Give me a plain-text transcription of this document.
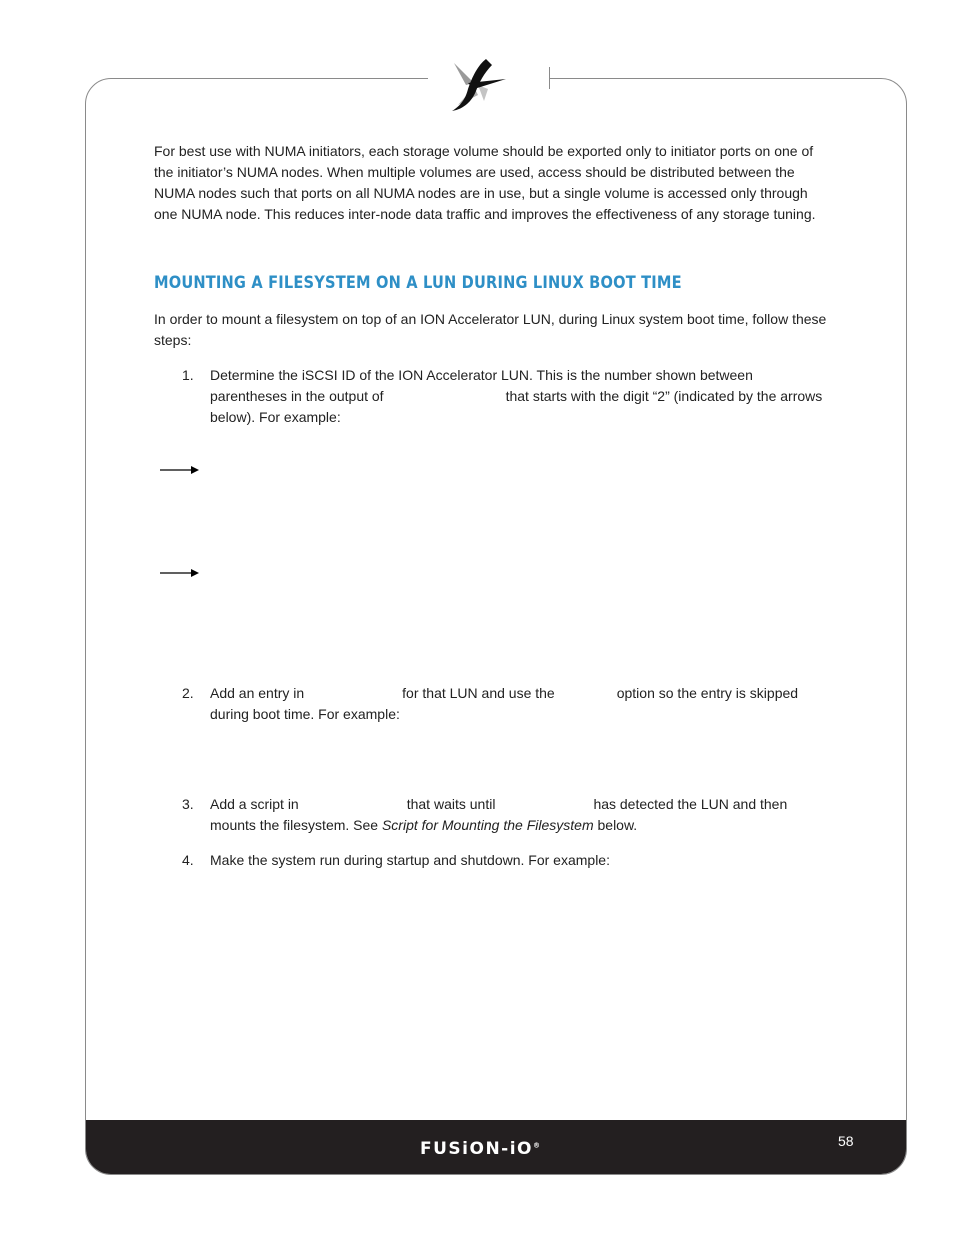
For best use with NUMA initiators, each storage volume should be exported only to initiator ports on one of the initiator’s NUMA nodes. When multiple volumes are used, access should be distributed between the NUMA nodes such that ports on all NUMA nodes are in use, but a single volume is accessed only through one NUMA node. This reduces inter-node data traffic and improves the effectiveness of any storage tuning.

MOUNTING A FILESYSTEM ON A LUN DURING LINUX BOOT TIME

In order to mount a filesystem on top of an ION Accelerator LUN, during Linux system boot time, follow these steps:

1.	Determine the iSCSI ID of the ION Accelerator LUN. This is the number shown between parentheses in the output of	that starts with the digit “2” (indicated by the arrows below). For example:
2.	Add an entry in	for that LUN and use the	option so the entry is skipped during boot time. For example:
3.	Add a script in	that waits until	has detected the LUN and then mounts the filesystem. See Script for Mounting the Filesystem below.
4.	Make the system run during startup and shutdown. For example:
FUSiON-iO®	58
